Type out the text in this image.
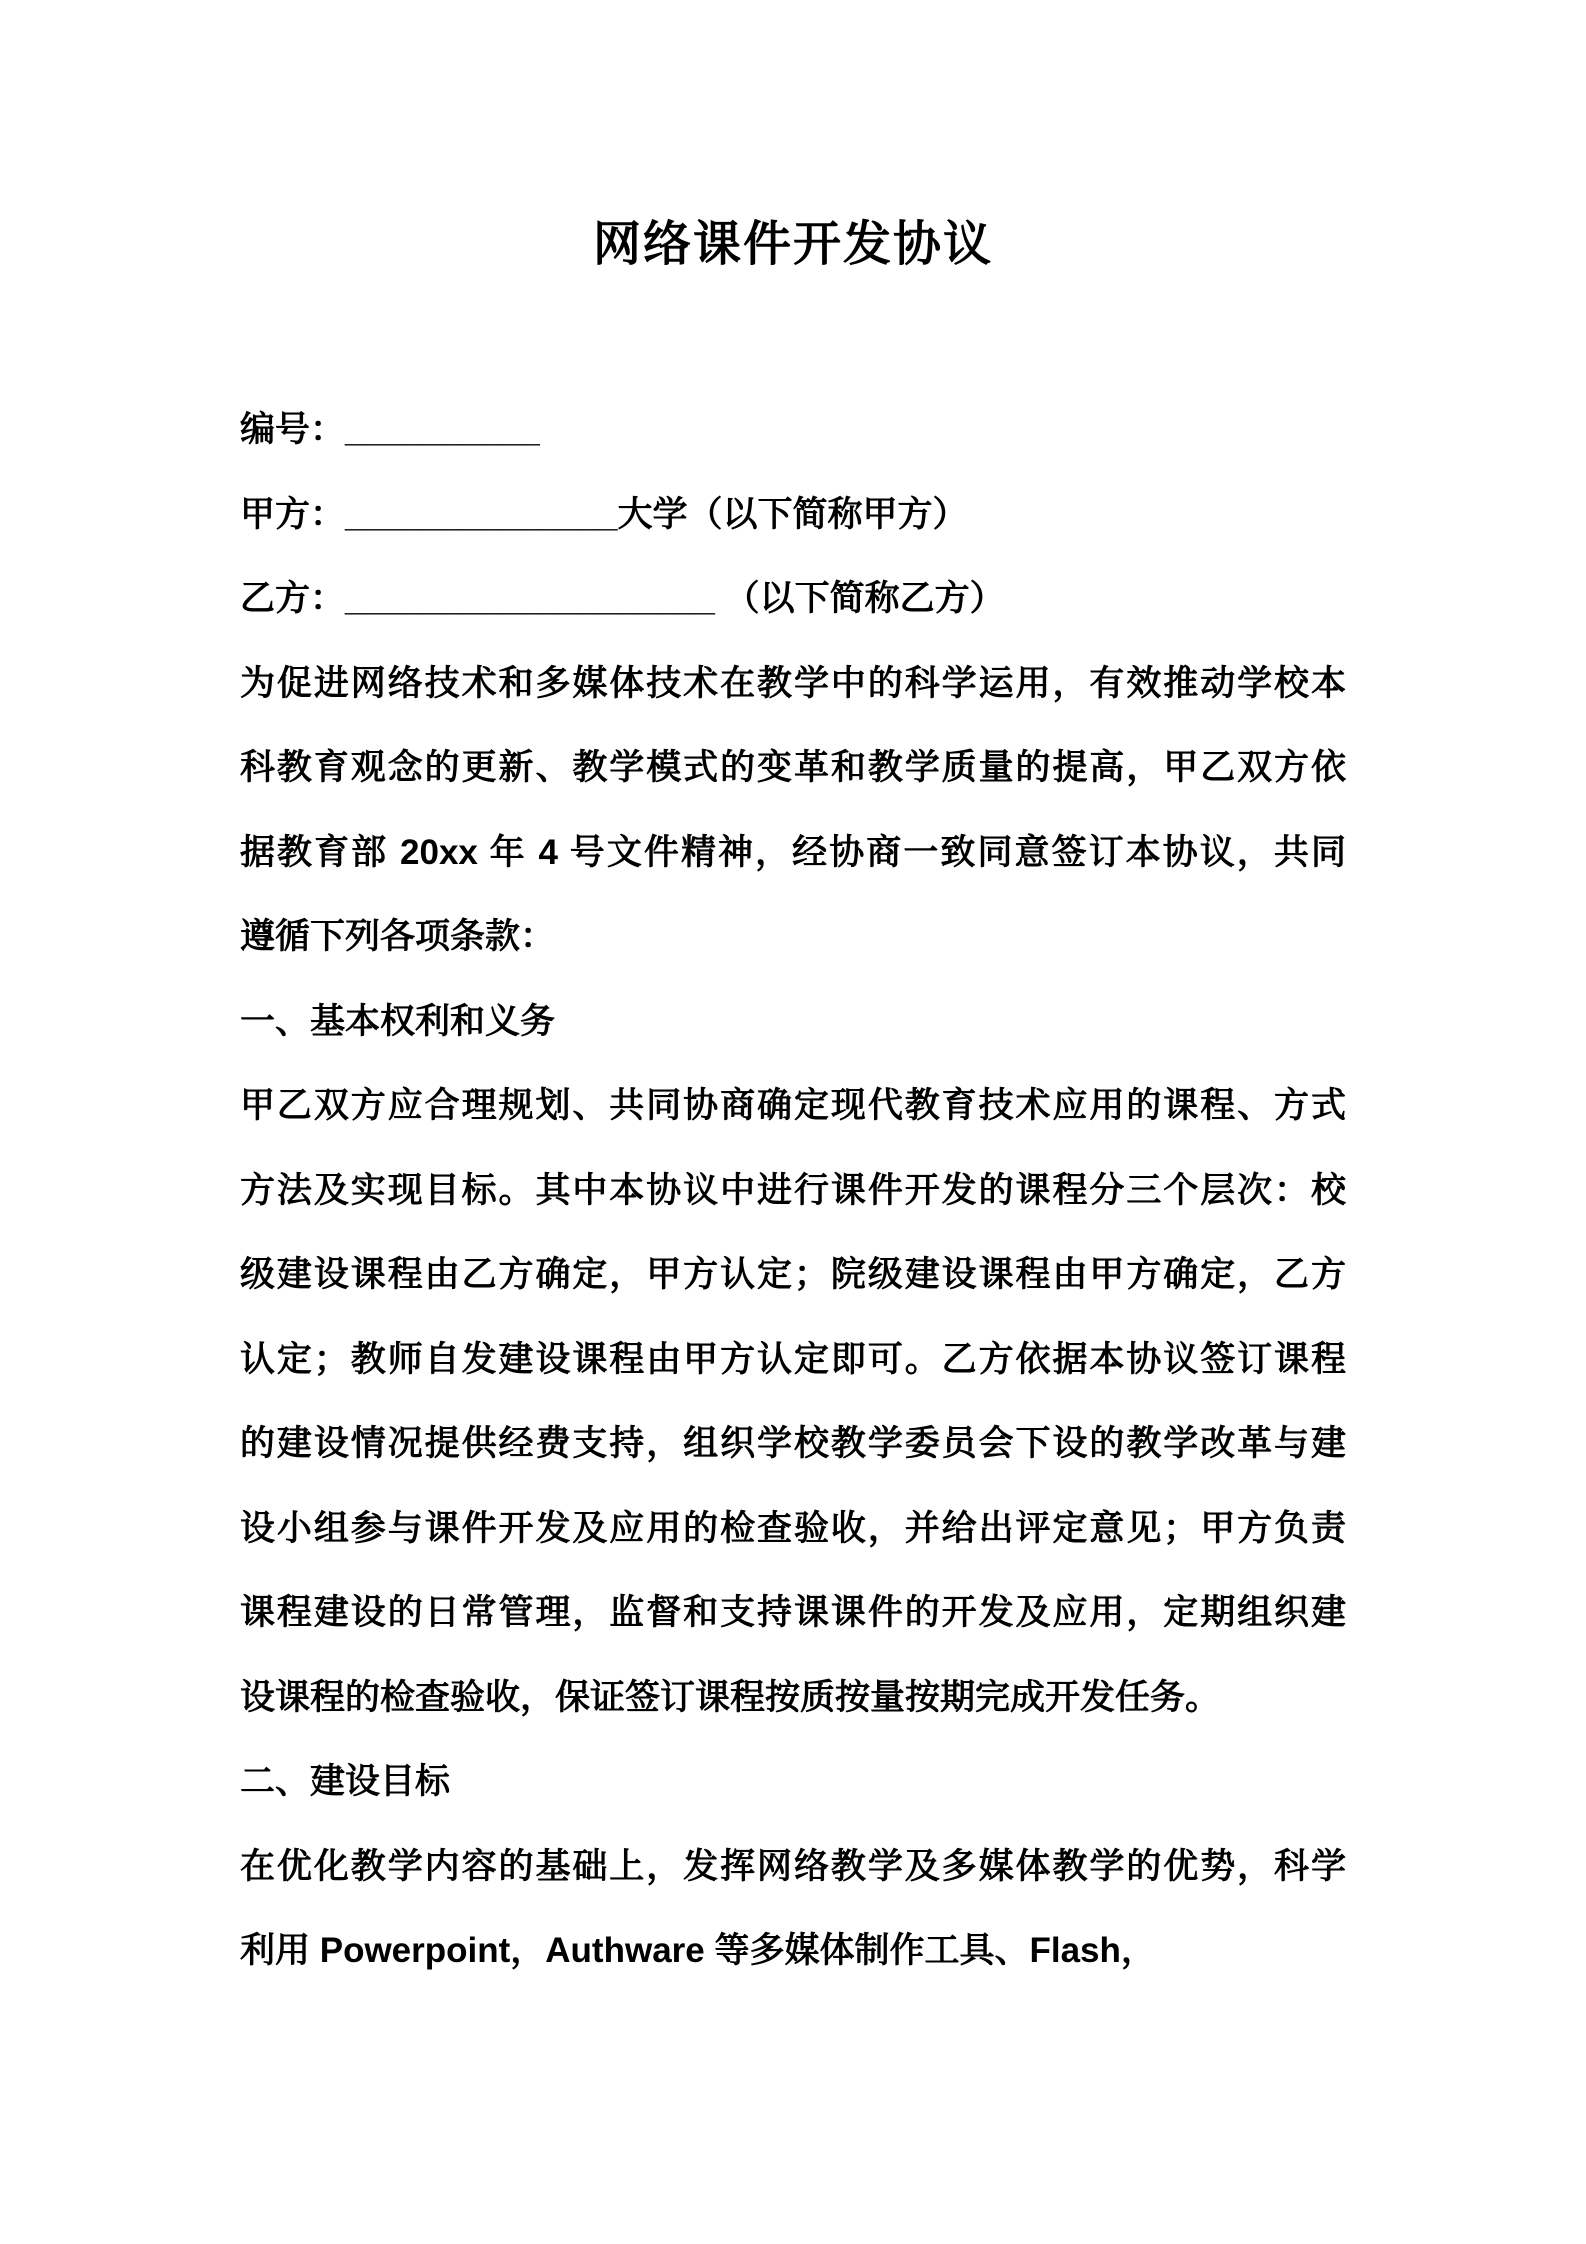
网络课件开发协议
编号：__________
甲方：______________大学（以下简称甲方）
乙方：___________________ （以下简称乙方）
为促进网络技术和多媒体技术在教学中的科学运用，有效推动学校本
科教育观念的更新、教学模式的变革和教学质量的提高，甲乙双方依
据教育部 20xx 年 4 号文件精神，经协商一致同意签订本协议，共同
遵循下列各项条款：
一、基本权利和义务
甲乙双方应合理规划、共同协商确定现代教育技术应用的课程、方式
方法及实现目标。其中本协议中进行课件开发的课程分三个层次：校
级建设课程由乙方确定，甲方认定；院级建设课程由甲方确定，乙方
认定；教师自发建设课程由甲方认定即可。乙方依据本协议签订课程
的建设情况提供经费支持，组织学校教学委员会下设的教学改革与建
设小组参与课件开发及应用的检查验收，并给出评定意见；甲方负责
课程建设的日常管理，监督和支持课课件的开发及应用，定期组织建
设课程的检查验收，保证签订课程按质按量按期完成开发任务。
二、建设目标
在优化教学内容的基础上，发挥网络教学及多媒体教学的优势，科学
利用 Powerpoint，Authware 等多媒体制作工具、Flash，
